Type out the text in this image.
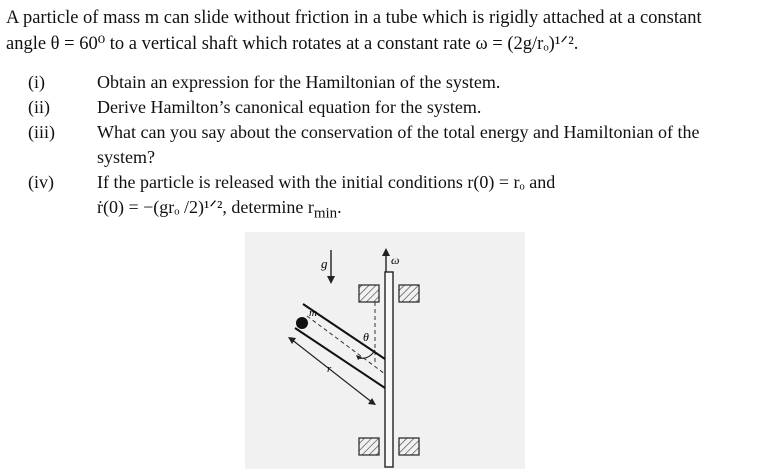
A particle of mass m can slide without friction in a tube which is rigidly attached at a constant
angle θ = 60⁰ to a vertical shaft which rotates at a constant rate ω = (2g/rₒ)¹ᐟ².
(i)	Obtain an expression for the Hamiltonian of the system.
(ii)	Derive Hamilton’s canonical equation for the system.
(iii) What can you say about the conservation of the total energy and Hamiltonian of the system?
(iv) If the particle is released with the initial conditions r(0) = rₒ and
ṙ(0) = −(grₒ /2)¹ᐟ², determine $r_{min}$.
g	ω
m
θ
r
